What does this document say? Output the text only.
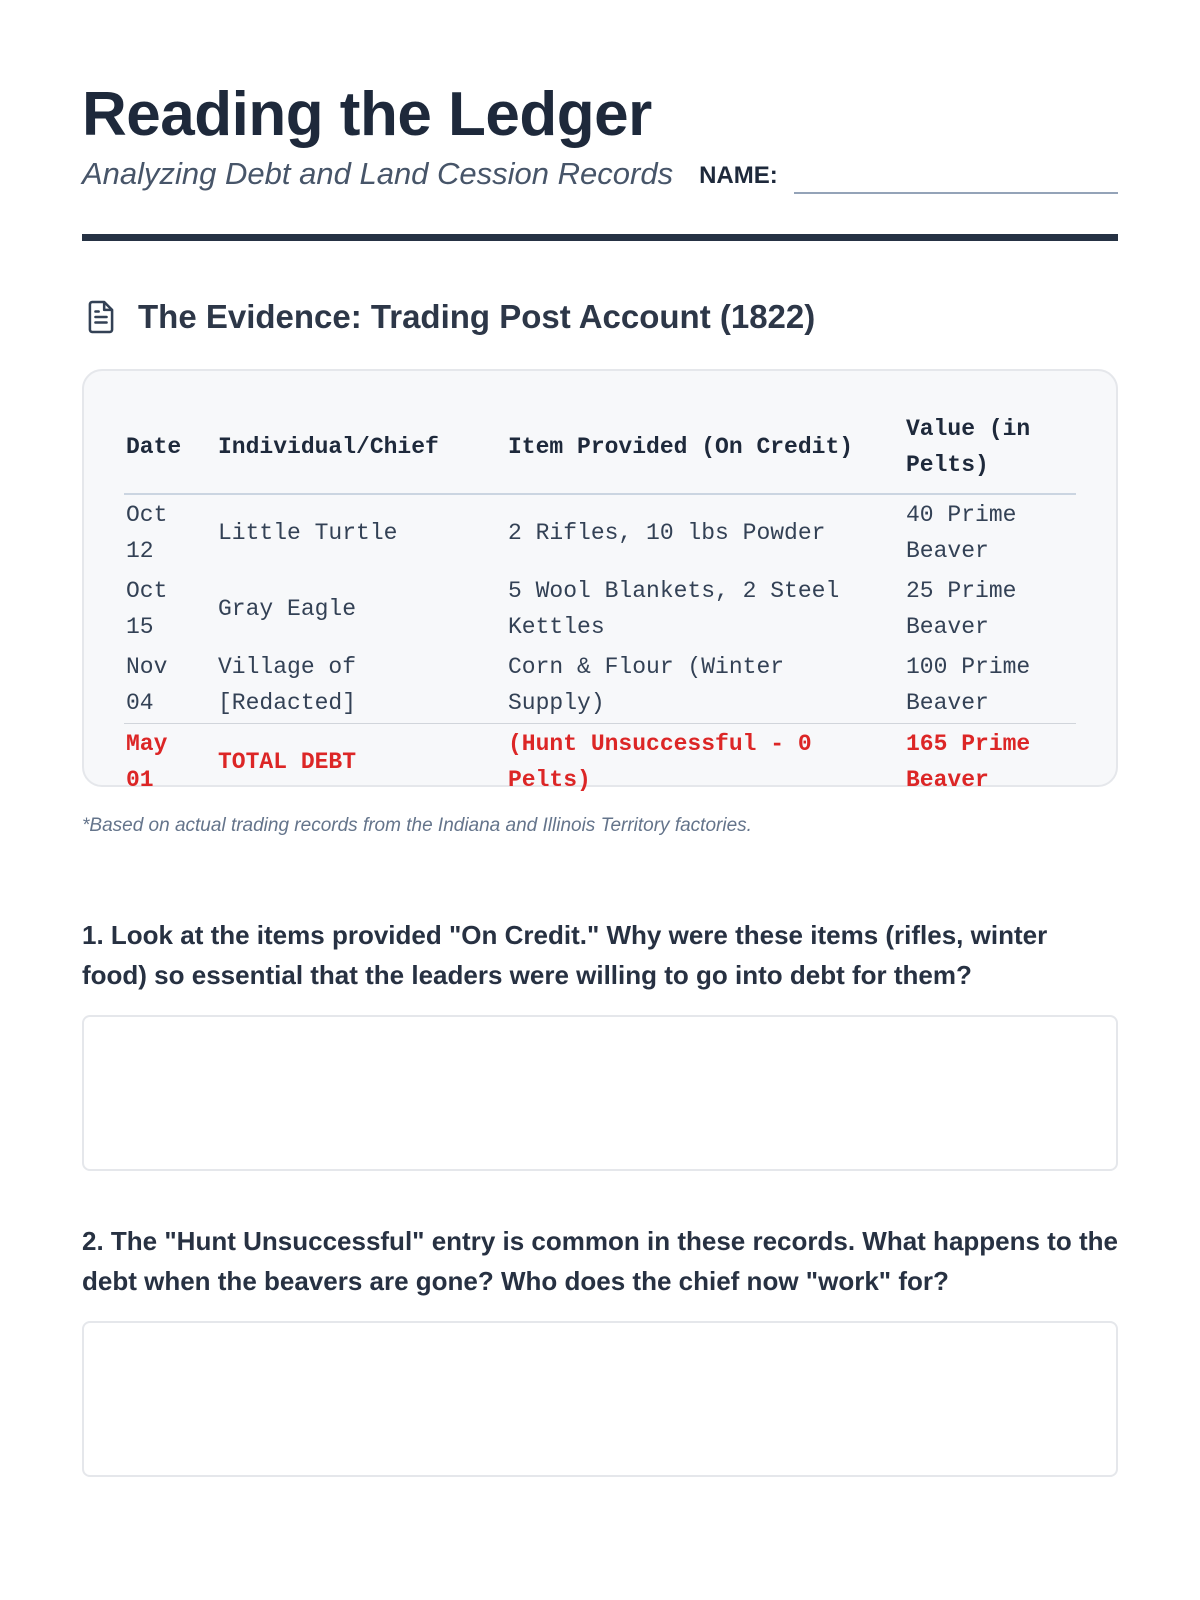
Reading the Ledger
Analyzing Debt and Land Cession Records NAME:
The Evidence: Trading Post Account (1822)
Date	Individual/Chief	Item Provided (On Credit)	Value (in Pelts)
Oct 12	Little Turtle	2 Rifles, 10 lbs Powder	40 Prime Beaver
Oct 15	Gray Eagle	5 Wool Blankets, 2 Steel Kettles	25 Prime Beaver
Nov 04	Village of [Redacted]	Corn & Flour (Winter Supply)	100 Prime Beaver
May 01	TOTAL DEBT	(Hunt Unsuccessful - 0 Pelts)	165 Prime Beaver
*Based on actual trading records from the Indiana and Illinois Territory factories.

1. Look at the items provided "On Credit." Why were these items (rifles, winter food) so essential that the leaders were willing to go into debt for them?

2. The "Hunt Unsuccessful" entry is common in these records. What happens to the debt when the beavers are gone? Who does the chief now "work" for?
